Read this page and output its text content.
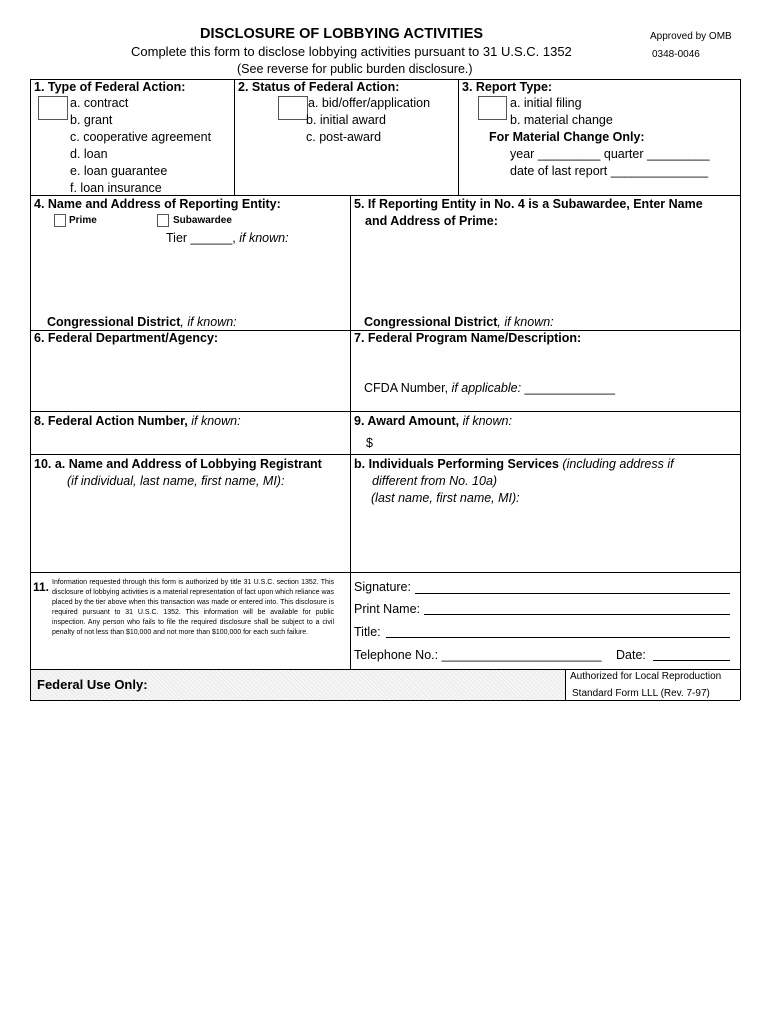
DISCLOSURE OF LOBBYING ACTIVITIES
Complete this form to disclose lobbying activities pursuant to 31 U.S.C. 1352
(See reverse for public burden disclosure.)
Approved by OMB
0348-0046
1. Type of Federal Action:
a. contract
b. grant
c. cooperative agreement
d. loan
e. loan guarantee
f. loan insurance
2. Status of Federal Action:
a. bid/offer/application
b. initial award
c. post-award
3. Report Type:
a. initial filing
b. material change
For Material Change Only:
year _________ quarter _________
date of last report ______________
4. Name and Address of Reporting Entity:
Prime	Subawardee
Tier ______, if known:
Congressional District, if known:
5. If Reporting Entity in No. 4 is a Subawardee, Enter Name
and Address of Prime:
Congressional District, if known:
6. Federal Department/Agency:	7. Federal Program Name/Description:
CFDA Number, if applicable: _____________
8. Federal Action Number, if known:	9. Award Amount, if known:
$
10. a. Name and Address of Lobbying Registrant
(if individual, last name, first name, MI):
b. Individuals Performing Services (including address if
different from No. 10a)
(last name, first name, MI):
11. Information requested through this form is authorized by title 31 U.S.C. section 1352. This disclosure of lobbying activities is a material representation of fact upon which reliance was placed by the tier above when this transaction was made or entered into. This disclosure is required pursuant to 31 U.S.C. 1352. This information will be available for public inspection. Any person who fails to file the required disclosure shall be subject to a civil penalty of not less than $10,000 and not more than $100,000 for each such failure.
Signature:
Print Name:
Title:
Telephone No.: _______________________ Date:
Federal Use Only:
Authorized for Local Reproduction
Standard Form LLL (Rev. 7-97)
